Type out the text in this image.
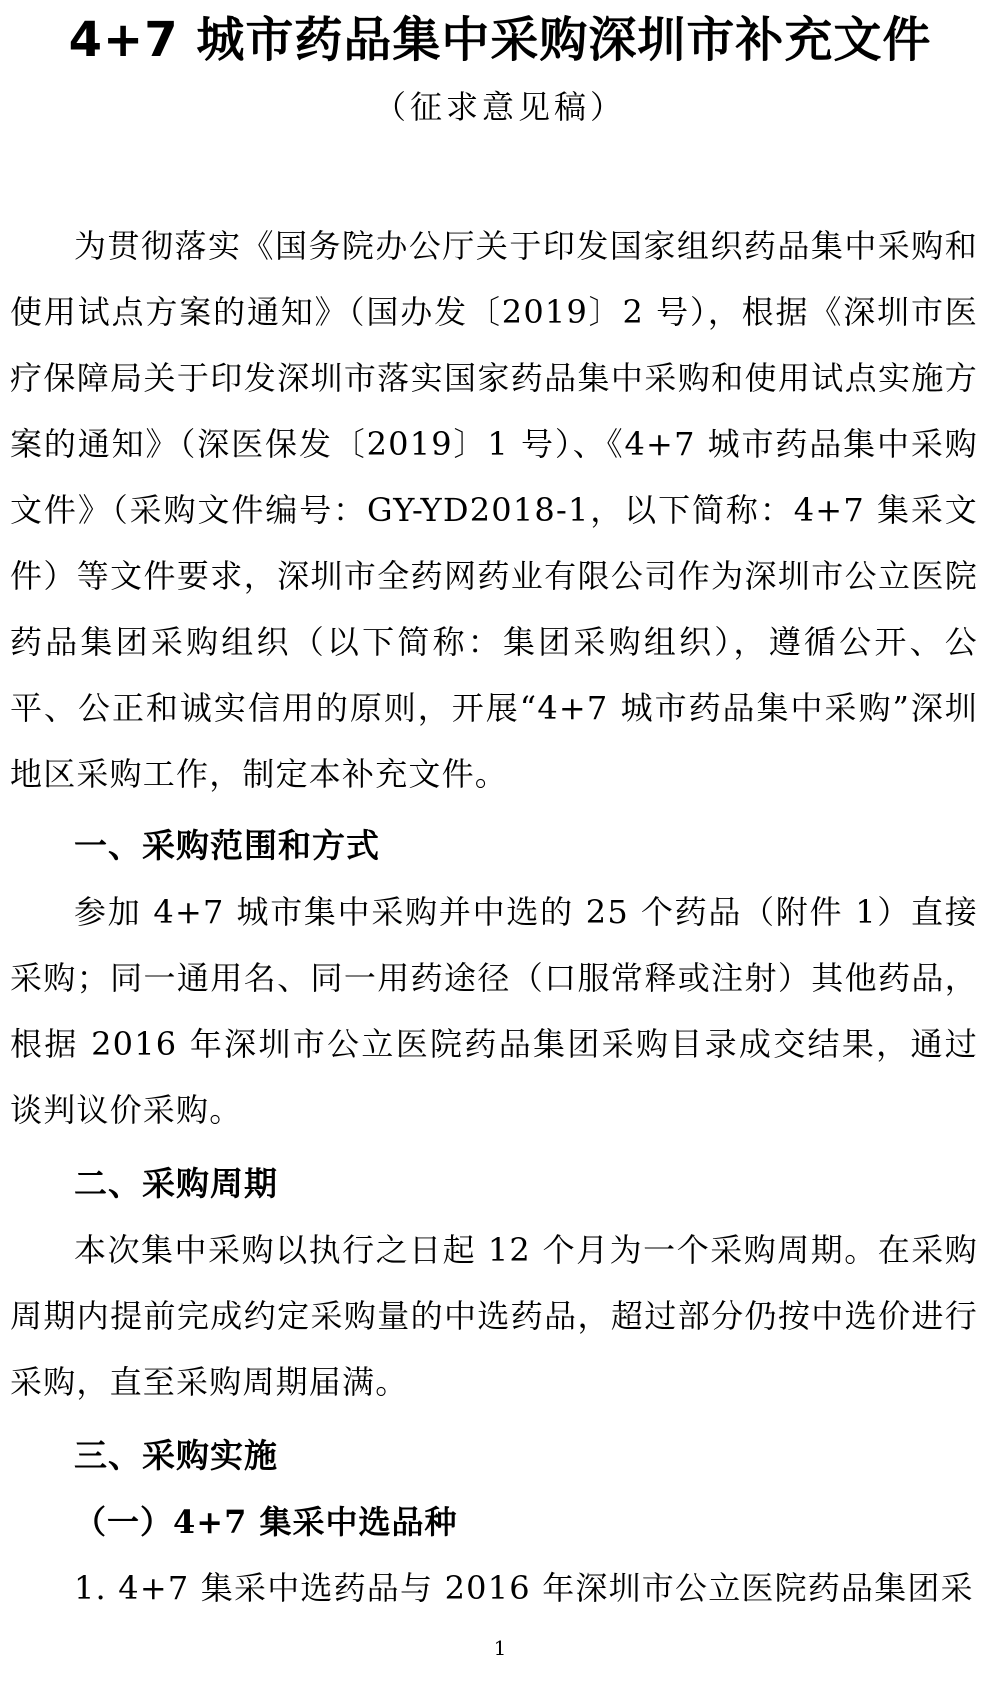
4+7 城市药品集中采购深圳市补充文件
（征求意见稿）

为贯彻落实《国务院办公厅关于印发国家组织药品集中采购和使用试点方案的通知》（国办发〔2019〕2 号），根据《深圳市医疗保障局关于印发深圳市落实国家药品集中采购和使用试点实施方案的通知》（深医保发〔2019〕1 号）、《4+7 城市药品集中采购文件》（采购文件编号：GY-YD2018-1，以下简称：4+7 集采文件）等文件要求，深圳市全药网药业有限公司作为深圳市公立医院药品集团采购组织（以下简称：集团采购组织），遵循公开、公平、公正和诚实信用的原则，开展“4+7 城市药品集中采购”深圳地区采购工作，制定本补充文件。

一、采购范围和方式

参加 4+7 城市集中采购并中选的 25 个药品（附件 1）直接采购；同一通用名、同一用药途径（口服常释或注射）其他药品，根据 2016 年深圳市公立医院药品集团采购目录成交结果，通过谈判议价采购。

二、采购周期

本次集中采购以执行之日起 12 个月为一个采购周期。在采购周期内提前完成约定采购量的中选药品，超过部分仍按中选价进行采购，直至采购周期届满。

三、采购实施
（一）4+7 集采中选品种

1. 4+7 集采中选药品与 2016 年深圳市公立医院药品集团采

1
